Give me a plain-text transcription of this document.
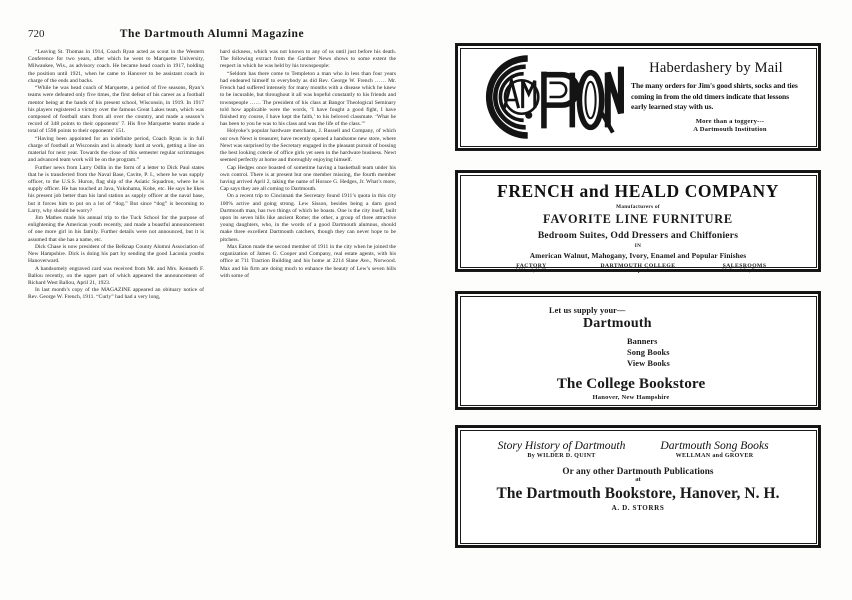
720	The Dartmouth Alumni Magazine

“Leaving St. Thomas in 1914, Coach Ryan acted as scout in the Western Conference for two years, after which he went to Marquette University, Milwaukee, Wis., as advisory coach. He became head coach in 1917, holding the position until 1921, when he came to Hanover to be assistant coach in charge of the ends and backs.

“While he was head coach of Marquette, a period of five seasons, Ryan’s teams were defeated only five times, the first defeat of his career as a football mentor being at the hands of his present school, Wisconsin, in 1919. In 1917 his players registered a victory over the famous Great Lakes team, which was composed of football stars from all over the country, and made a season’s record of 348 points to their opponents’ 7. His five Marquette teams made a total of 1598 points to their opponents’ 151.

“Having been appointed for an indefinite period, Coach Ryan is in full charge of football at Wisconsin and is already hard at work, getting a line on material for next year. Towards the close of this semester regular scrimmages and advanced team work will be on the program.”

Further news from Larry Odlin in the form of a letter to Dick Paul states that he is transferred from the Naval Base, Cavite, P. I., where he was supply officer, to the U.S.S. Huron, flag ship of the Asiatic Squadron, where he is supply officer. He has touched at Java, Yokohama, Kobe, etc. He says he likes his present job better than his land station as supply officer at the naval base, but it forces him to put on a lot of “dog.” But since “dog” is becoming to Larry, why should be worry?

Jim Mathes made his annual trip to the Tuck School for the purpose of enlightening the American youth recently, and made a boastful announcement of one more girl in his family. Further details were not announced, but it is assumed that she has a name, etc.

Dick Chase is now president of the Belknap County Alumni Association of New Hampshire. Dick is doing his part by sending the good Laconia youths Hanoverward.

A handsomely engraved card was received from Mr. and Mrs. Kenneth F. Ballou recently, on the upper part of which appeared the announcement of Richard West Ballou, April 21, 1923.

In last month’s copy of the MAGAZINE appeared an obituary notice of Rev. George W. French, 1911. “Curly” had had a very long,

hard sickness, which was not known to any of us until just before his death. The following extract from the Gardner News shows to some extent the respect in which he was held by his townspeople:

“Seldom has there come to Templeton a man who in less than four years had endeared himself to everybody as did Rev. George W. French …… Mr. French had suffered intensely for many months with a disease which he knew to be incurable, but throughout it all was hopeful constantly to his friends and townspeople …… The president of his class at Bangor Theological Seminary told how applicable were the words, ‘I have fought a good fight, I have finished my course, I have kept the faith,’ to his beloved classmate. ‘What he has been to you he was to his class and was the life of the class.’”

Holyoke’s popular hardware merchants, J. Russell and Company, of which our own Newt is treasurer, have recently opened a handsome new store, where Newt was surprised by the Secretary engaged in the pleasant pursuit of bossing the best looking coterie of office girls yet seen in the hardware business. Newt seemed perfectly at home and thoroughly enjoying himself.

Cap Hedges once boasted of sometime having a basketball team under his own control. There is at present but one member missing, the fourth member having arrived April 2, taking the name of Horace G. Hedges, Jr. What’s more, Cap says they are all coming to Dartmouth.

On a recent trip to Cincinnati the Secretary found 1911’s quota in this city 100% active and going strong. Lew Sisson, besides being a darn good Dartmouth man, has two things of which he boasts. One is the city itself, built upon its seven hills like ancient Rome; the other, a group of three attractive young daughters, who, in the words of a good Dartmouth alumnus, should make three excellent Dartmouth catchers, though they can never hope to be pitchers.

Max Eaton made the second member of 1911 in the city when he joined the organization of James G. Cooper and Company, real estate agents, with his office at 711 Traction Building and his home at 2214 Slane Ave., Norwood. Max and his firm are doing much to enhance the beauty of Lew’s seven hills with some of

Haberdashery by Mail
The many orders for Jim's good shirts, socks and ties coming in from the old timers indicate that lessons early learned stay with us.
More than a toggery---
A Dartmouth Institution
FRENCH and HEALD COMPANY
Manufacturers of
FAVORITE LINE FURNITURE
Bedroom Suites, Odd Dressers and Chiffoniers
IN
American Walnut, Mahogany, Ivory, Enamel and Popular Finishes

FACTORY

Milford, N. H.

DARTMOUTH COLLEGE

uses our products

SALESROOMS

90 Canal St., Boston

Let us supply your—
Dartmouth
Banners
Song Books
View Books
The College Bookstore
Hanover, New Hampshire

Story History of Dartmouth

By WILDER D. QUINT

Dartmouth Song Books

WELLMAN and GROVER

Or any other Dartmouth Publications
at
The Dartmouth Bookstore, Hanover, N. H.
A. D. STORRS
